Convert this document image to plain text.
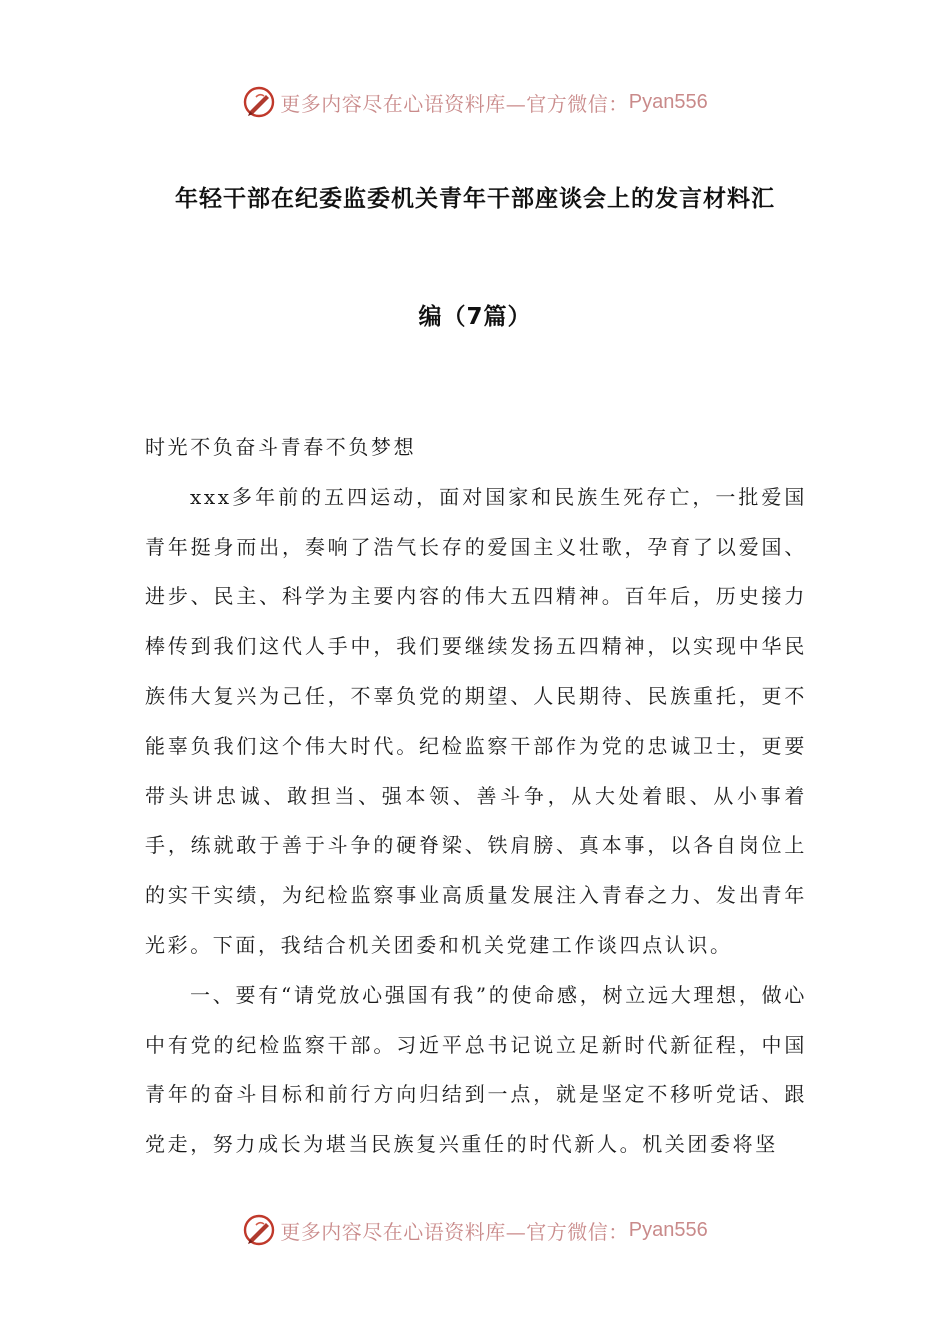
更多内容尽在心语资料库—官方微信： Pyan556
年轻干部在纪委监委机关青年干部座谈会上的发言材料汇
编（7篇）

时光不负奋斗青春不负梦想

xxx多年前的五四运动，面对国家和民族生死存亡，一批爱国青年挺身而出，奏响了浩气长存的爱国主义壮歌，孕育了以爱国、进步、民主、科学为主要内容的伟大五四精神。百年后，历史接力棒传到我们这代人手中，我们要继续发扬五四精神，以实现中华民族伟大复兴为己任，不辜负党的期望、人民期待、民族重托，更不能辜负我们这个伟大时代。纪检监察干部作为党的忠诚卫士，更要带头讲忠诚、敢担当、强本领、善斗争，从大处着眼、从小事着手，练就敢于善于斗争的硬脊梁、铁肩膀、真本事，以各自岗位上的实干实绩，为纪检监察事业高质量发展注入青春之力、发出青年光彩。下面，我结合机关团委和机关党建工作谈四点认识。

一、要有“请党放心强国有我”的使命感，树立远大理想，做心中有党的纪检监察干部。习近平总书记说立足新时代新征程，中国青年的奋斗目标和前行方向归结到一点，就是坚定不移听党话、跟党走，努力成长为堪当民族复兴重任的时代新人。机关团委将坚

更多内容尽在心语资料库—官方微信： Pyan556
